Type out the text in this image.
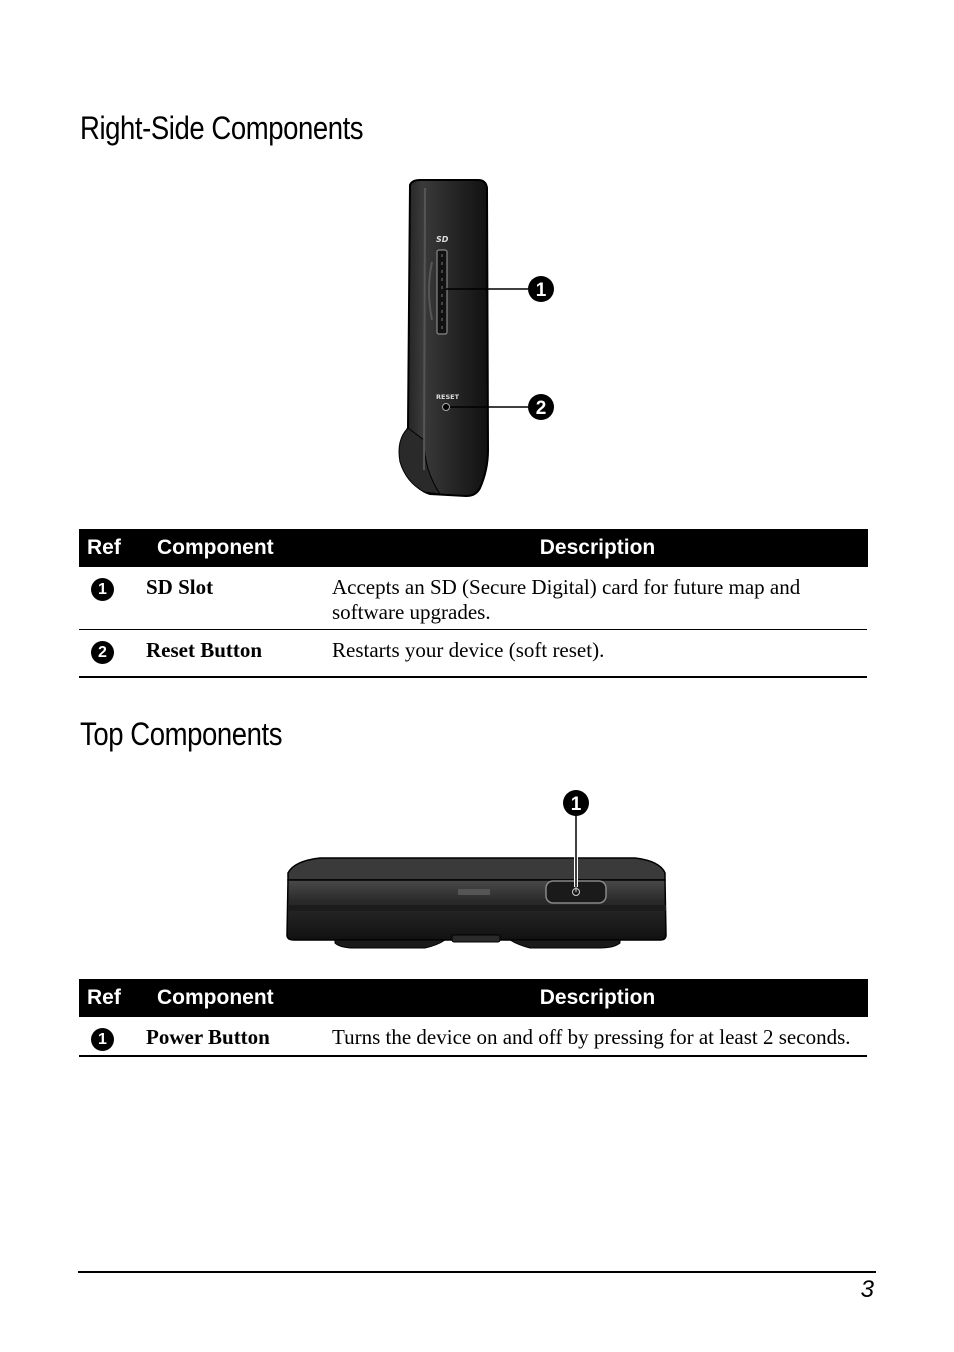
Right-Side Components
SD
RESET
1
2
Ref	Component	Description
1	SD Slot	Accepts an SD (Secure Digital) card for future map and software upgrades.
2	Reset Button	Restarts your device (soft reset).
Top Components
1
Ref	Component	Description
1	Power Button	Turns the device on and off by pressing for at least 2 seconds.
3
